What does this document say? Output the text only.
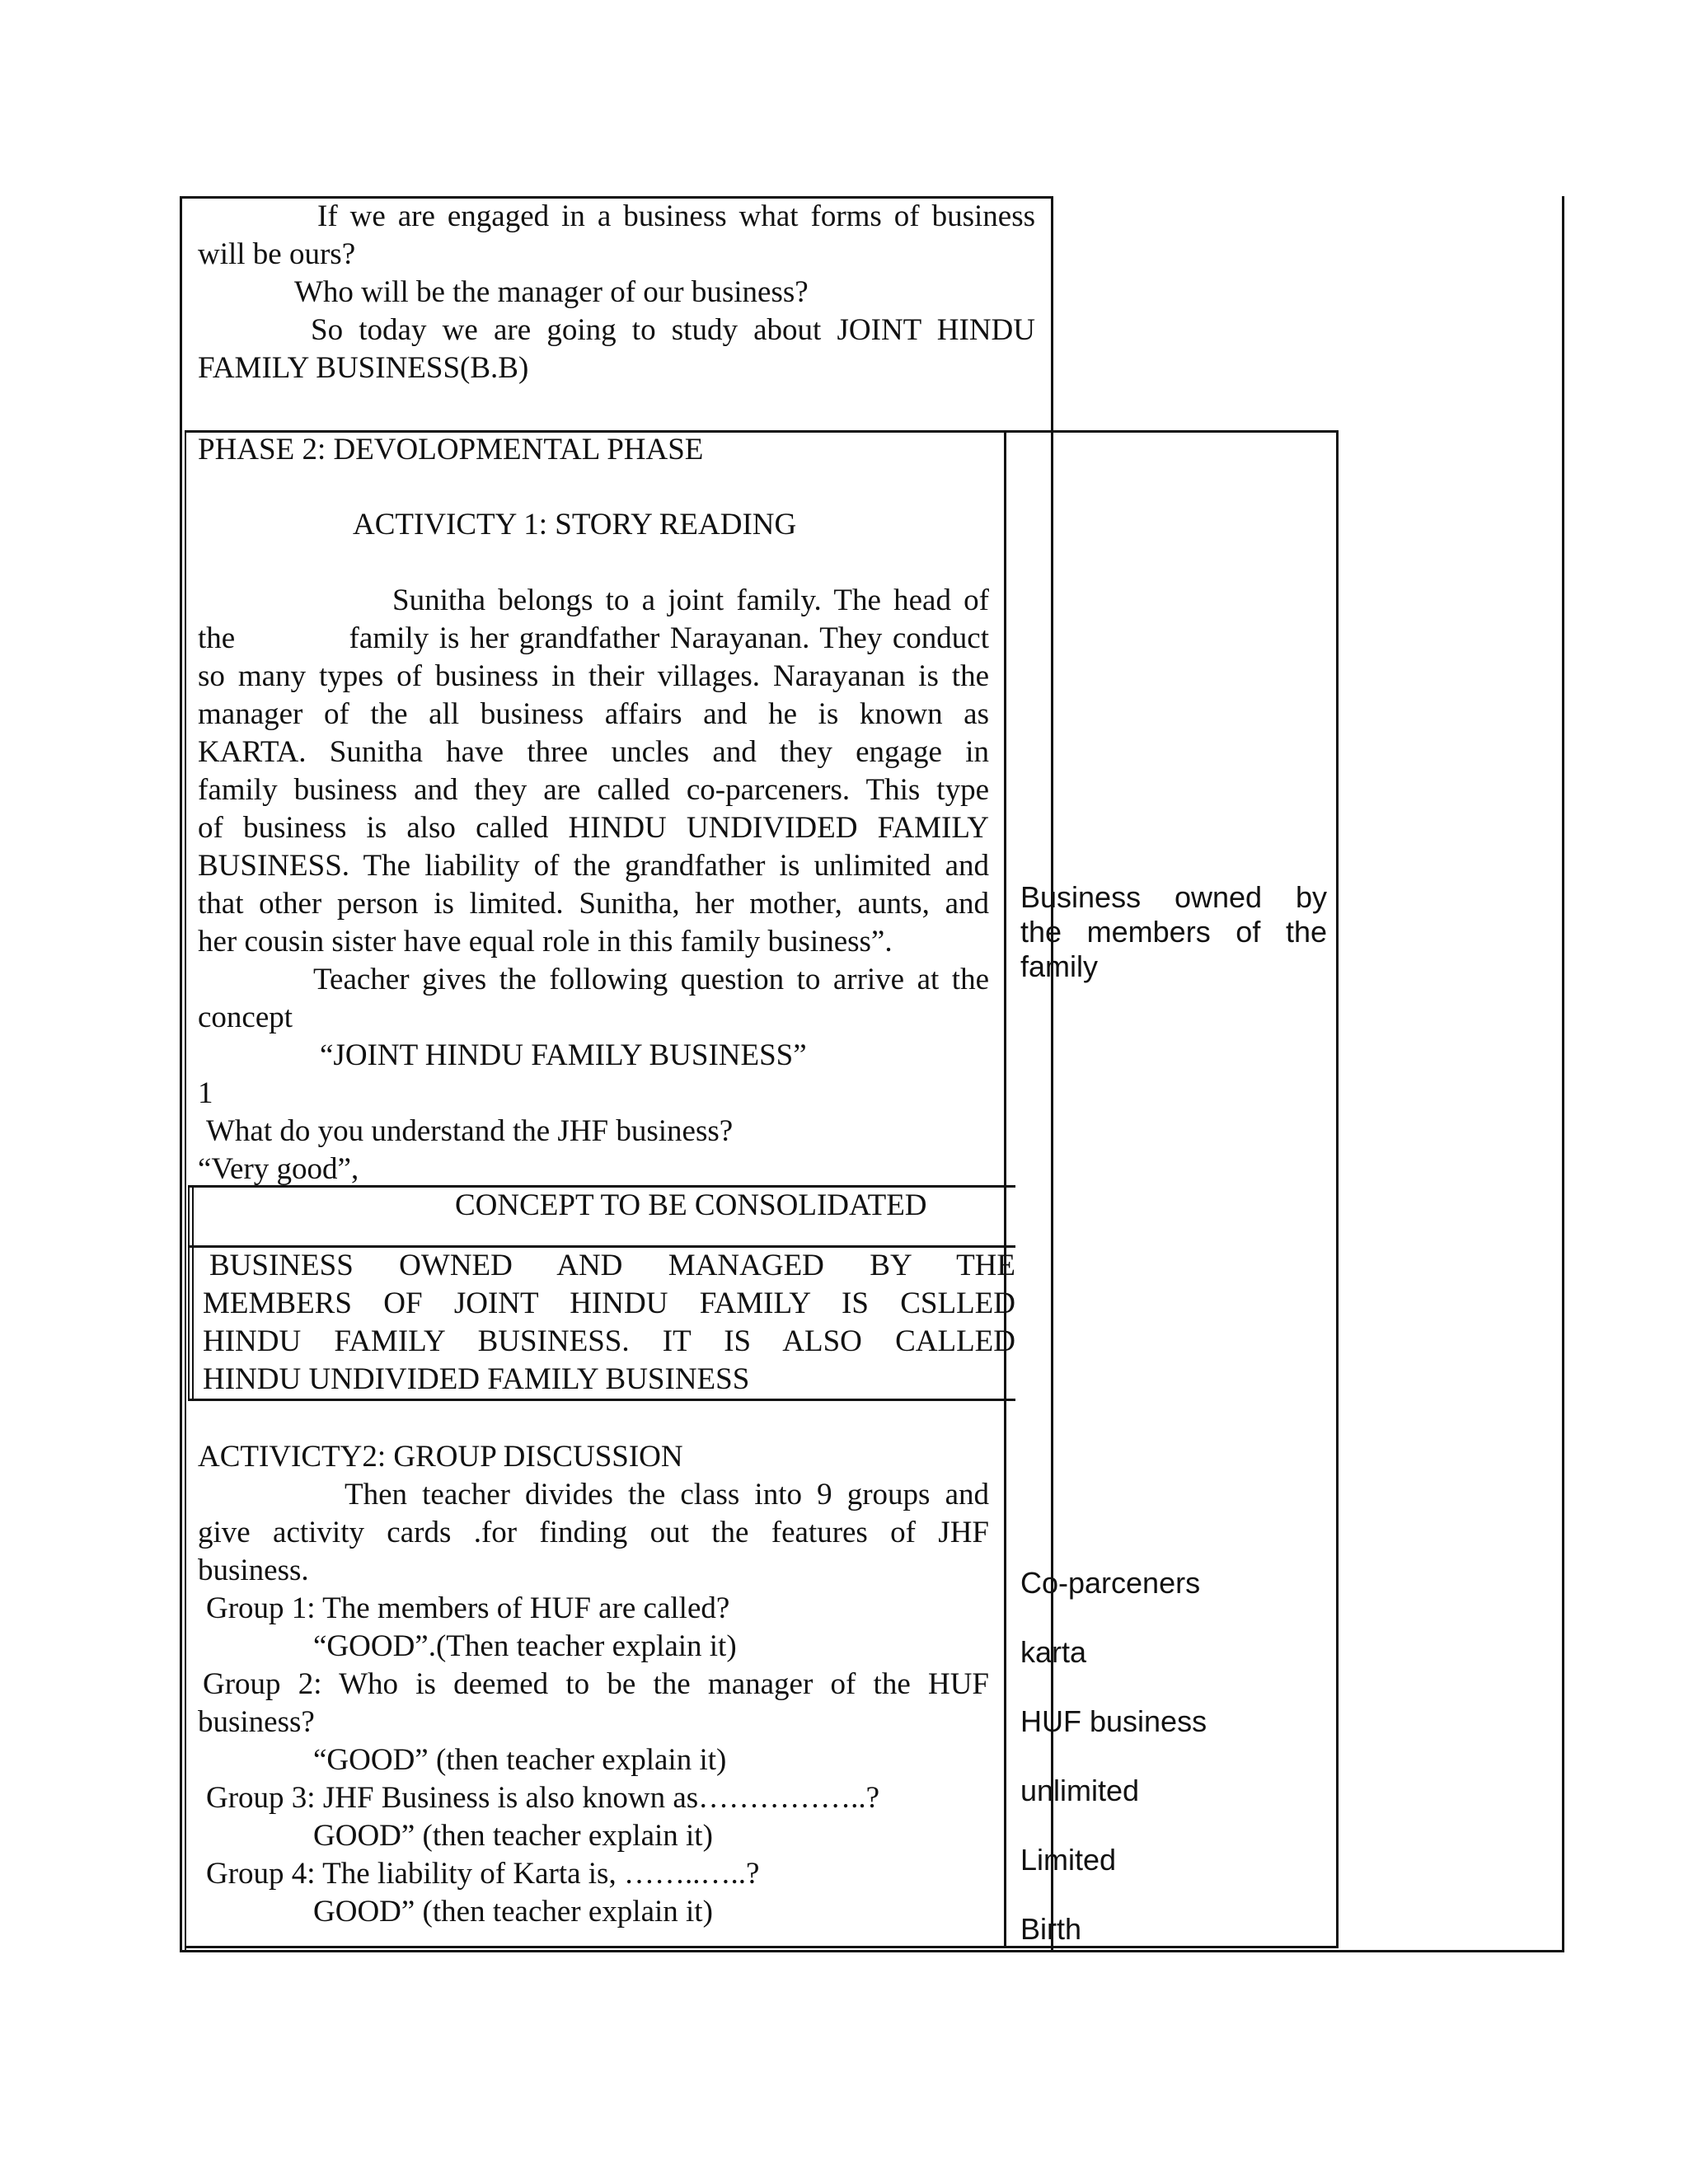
If we are engaged in a business what forms of business
will be ours?
Who will be the manager of our business?
So today we are going to study about JOINT HINDU
FAMILY BUSINESS(B.B)
PHASE 2: DEVOLOPMENTAL PHASE
ACTIVICTY 1: STORY READING
Sunitha belongs to a joint family. The head of
the           family is her grandfather Narayanan. They conduct
so many types of business in their villages. Narayanan is the
manager of the all business affairs and he is known as
KARTA. Sunitha have three uncles and they engage in
family business and they are called co-parceners. This type
of business is also called HINDU UNDIVIDED FAMILY
BUSINESS. The liability of the grandfather is unlimited and
that other person is limited. Sunitha, her mother, aunts, and
her cousin sister have equal role in this family business”.
Teacher gives the following question to arrive at the
concept
“JOINT HINDU FAMILY BUSINESS”
1
What do you understand the JHF business?
“Very good”,
CONCEPT TO BE CONSOLIDATED
BUSINESS OWNED AND MANAGED BY THE
MEMBERS OF JOINT HINDU FAMILY IS CSLLED
HINDU FAMILY BUSINESS. IT IS ALSO CALLED
HINDU UNDIVIDED FAMILY BUSINESS
ACTIVICTY2: GROUP DISCUSSION
Then teacher divides the class into 9 groups and
give activity cards .for finding out the features of JHF
business.
Group 1: The members of HUF are called?
“GOOD”.(Then teacher explain it)
Group 2: Who is deemed to be the manager of the HUF
business?
“GOOD” (then teacher explain it)
Group 3: JHF Business is also known as……………..?
GOOD” (then teacher explain it)
Group 4: The liability of Karta is, ……..…..?
GOOD” (then teacher explain it)
Business owned by
the members of the
family
Co-parceners
karta
HUF business
unlimited
Limited
Birth
